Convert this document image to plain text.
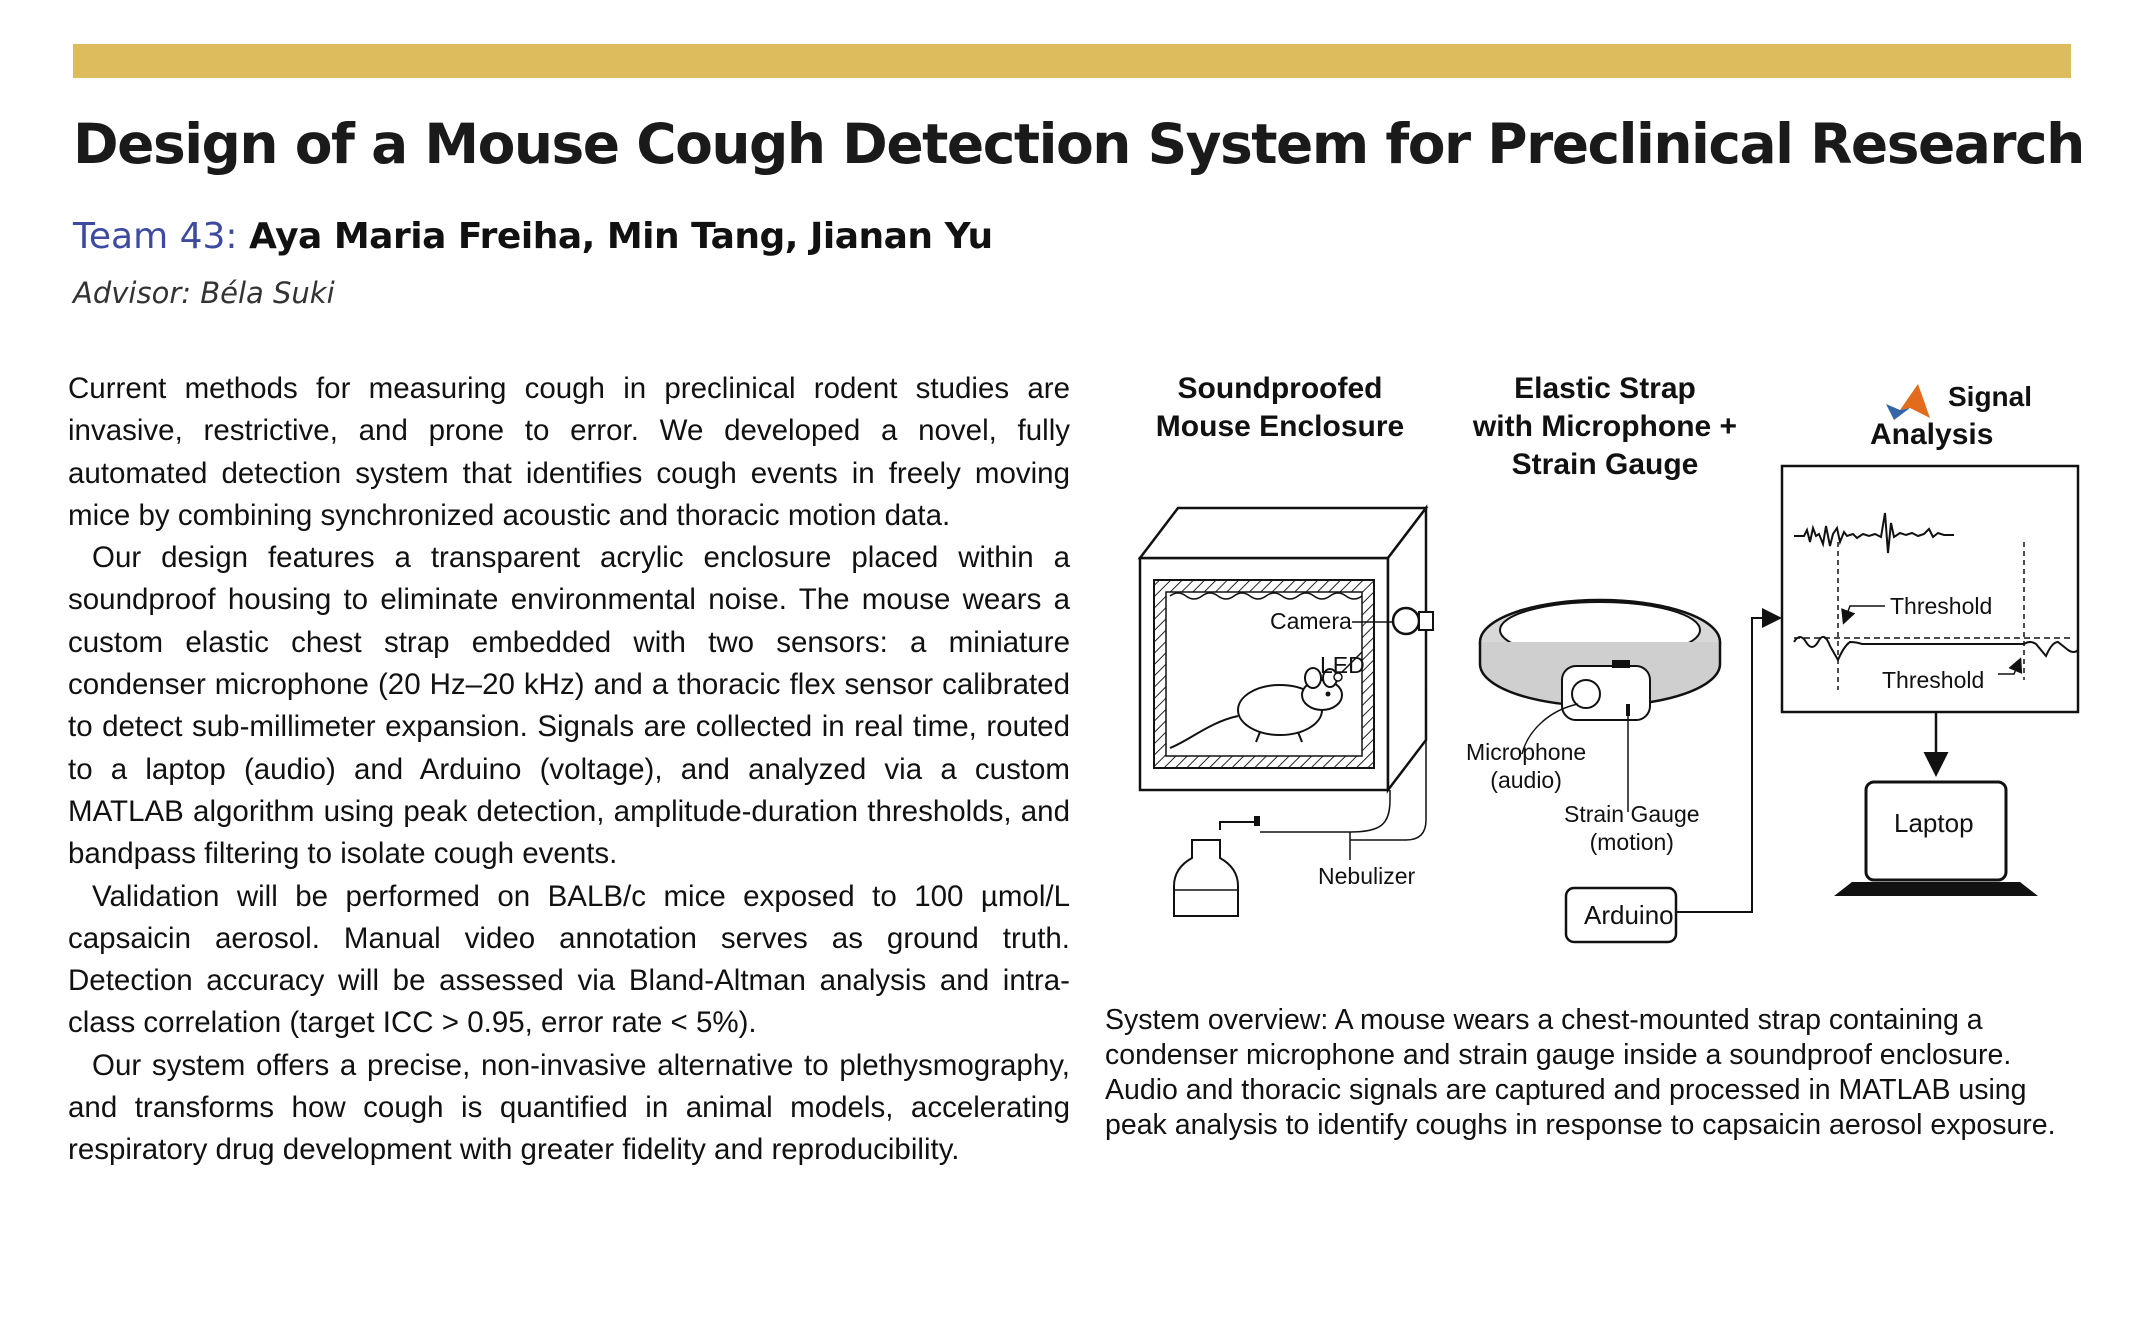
Design of a Mouse Cough Detection System for Preclinical Research
Team 43: Aya Maria Freiha, Min Tang, Jianan Yu
Advisor: Béla Suki

Current methods for measuring cough in preclinical rodent studies are invasive, restrictive, and prone to error. We developed a novel, fully automated detection system that identifies cough events in freely moving mice by combining synchronized acoustic and thoracic motion data.

Our design features a transparent acrylic enclosure placed within a soundproof housing to eliminate environmental noise. The mouse wears a custom elastic chest strap embedded with two sensors: a miniature condenser microphone (20 Hz–20 kHz) and a thoracic flex sensor calibrated to detect sub-millimeter expansion. Signals are collected in real time, routed to a laptop (audio) and Arduino (voltage), and analyzed via a custom MATLAB algorithm using peak detection, amplitude-duration thresholds, and bandpass filtering to isolate cough events.

Validation will be performed on BALB/c mice exposed to 100 µmol/L capsaicin aerosol. Manual video annotation serves as ground truth. Detection accuracy will be assessed via Bland-Altman analysis and intra-class correlation (target ICC > 0.95, error rate < 5%).

Our system offers a precise, non-invasive alternative to plethysmography, and transforms how cough is quantified in animal models, accelerating respiratory drug development with greater fidelity and reproducibility.

Soundproofed
Mouse Enclosure
Elastic Strap
with Microphone +
Strain Gauge
Signal
Analysis
Camera
LED
Nebulizer
Microphone
(audio)
Strain Gauge
(motion)
Arduino
Laptop
Threshold
Threshold
System overview: A mouse wears a chest-mounted strap containing a condenser microphone and strain gauge inside a soundproof enclosure. Audio and thoracic signals are captured and processed in MATLAB using peak analysis to identify coughs in response to capsaicin aerosol exposure.
